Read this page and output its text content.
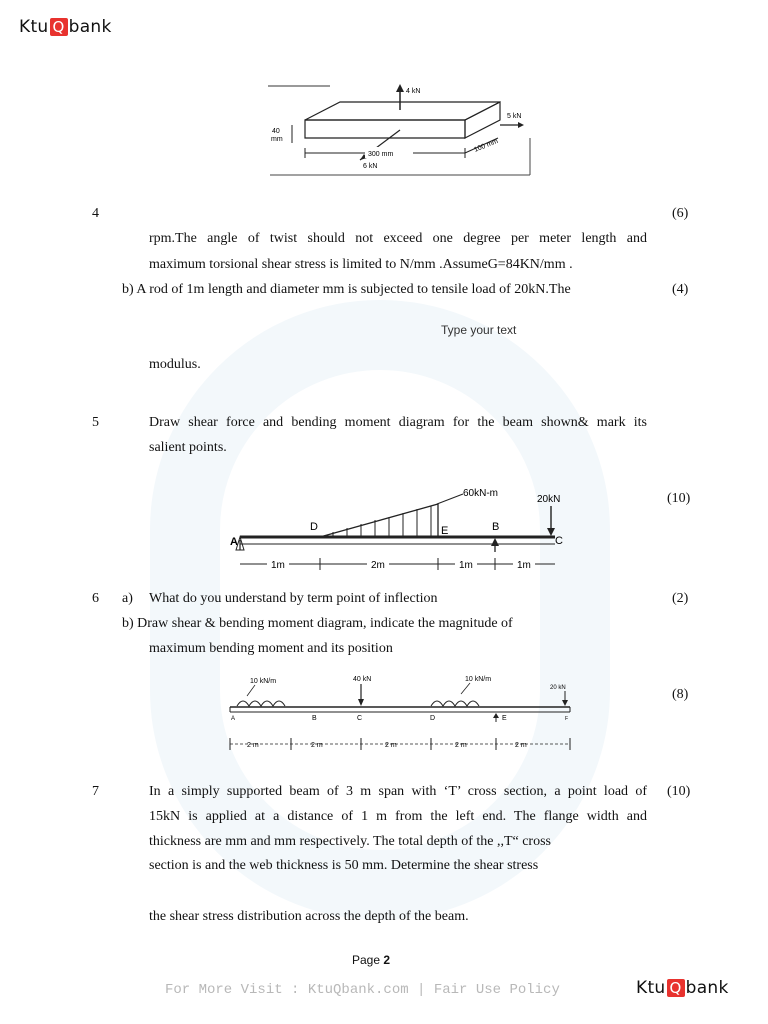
Ktu Q bank
4 kN
5 kN
6 kN
40
mm
300 mm
100 mm
4	(6)
rpm.The angle of twist should not exceed one degree per meter length and
maximum torsional shear stress is limited to N/mm .AssumeG=84KN/mm .
b) A rod of 1m length and diameter mm is subjected to tensile load of 20kN.The	(4)
Type your text
modulus.
5	Draw shear force and bending moment diagram for the beam shown& mark its
salient points.
(10)
60kN-m
20kN
A
D	E	B
C
1m	2m	1m	1m
6 a) What do you understand by term point of inflection	(2)
b) Draw shear & bending moment diagram, indicate the magnitude of
maximum bending moment and its position
(8)
10 kN/m	40 kN	10 kN/m
20 kN
A	B	C	D	E	F
2 m	2 m	2 m	2 m	2 m
7	(10)
In a simply supported beam of 3 m span with ‘T’ cross section, a point load of
15kN is applied at a distance of 1 m from the left end. The flange width and
thickness are mm and mm respectively. The total depth of the ,,T“ cross
section is and the web thickness is 50 mm. Determine the shear stress
the shear stress distribution across the depth of the beam.
Page 2
For More Visit : KtuQbank.com | Fair Use Policy	Ktu Q bank
